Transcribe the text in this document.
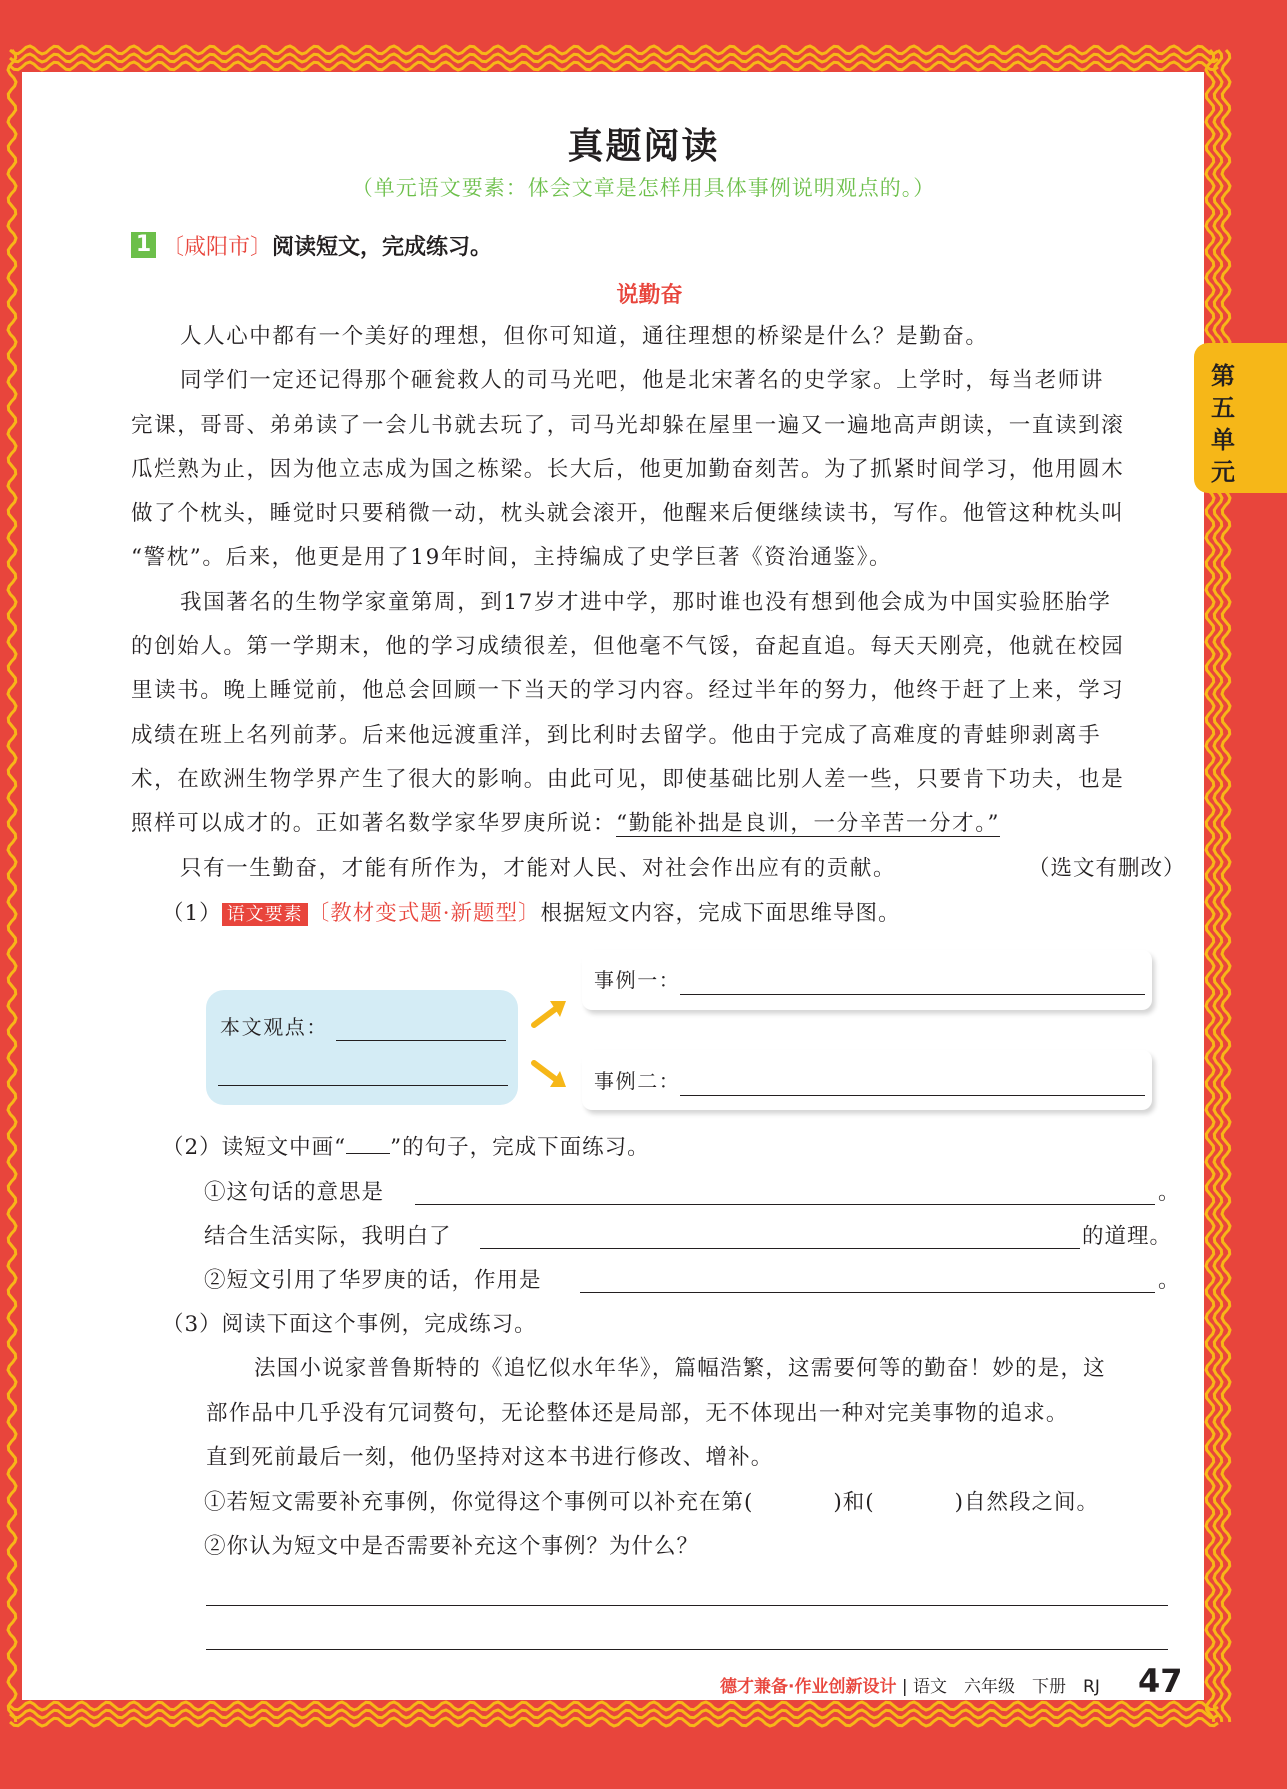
真题阅读
（单元语文要素：体会文章是怎样用具体事例说明观点的。）
第五单元
1 〔咸阳市〕阅读短文，完成练习。
说勤奋
人人心中都有一个美好的理想，但你可知道，通往理想的桥梁是什么？是勤奋。
同学们一定还记得那个砸瓮救人的司马光吧，他是北宋著名的史学家。上学时，每当老师讲
完课，哥哥、弟弟读了一会儿书就去玩了，司马光却躲在屋里一遍又一遍地高声朗读，一直读到滚
瓜烂熟为止，因为他立志成为国之栋梁。长大后，他更加勤奋刻苦。为了抓紧时间学习，他用圆木
做了个枕头，睡觉时只要稍微一动，枕头就会滚开，他醒来后便继续读书，写作。他管这种枕头叫
“警枕”。后来，他更是用了19年时间，主持编成了史学巨著《资治通鉴》。
我国著名的生物学家童第周，到17岁才进中学，那时谁也没有想到他会成为中国实验胚胎学
的创始人。第一学期末，他的学习成绩很差，但他毫不气馁，奋起直追。每天天刚亮，他就在校园
里读书。晚上睡觉前，他总会回顾一下当天的学习内容。经过半年的努力，他终于赶了上来，学习
成绩在班上名列前茅。后来他远渡重洋，到比利时去留学。他由于完成了高难度的青蛙卵剥离手
术，在欧洲生物学界产生了很大的影响。由此可见，即使基础比别人差一些，只要肯下功夫，也是
照样可以成才的。正如著名数学家华罗庚所说：“勤能补拙是良训，一分辛苦一分才。”
只有一生勤奋，才能有所作为，才能对人民、对社会作出应有的贡献。	（选文有删改）
（1） 语文要素 〔教材变式题·新题型〕根据短文内容，完成下面思维导图。
本文观点：
事例一：
事例二：
（2）读短文中画“ ”的句子，完成下面练习。
①这句话的意思是	。
结合生活实际，我明白了	的道理。
②短文引用了华罗庚的话，作用是	。
（3）阅读下面这个事例，完成练习。
法国小说家普鲁斯特的《追忆似水年华》，篇幅浩繁，这需要何等的勤奋！妙的是，这
部作品中几乎没有冗词赘句，无论整体还是局部，无不体现出一种对完美事物的追求。
直到死前最后一刻，他仍坚持对这本书进行修改、增补。
①若短文需要补充事例，你觉得这个事例可以补充在第(	)和(	)自然段之间。
②你认为短文中是否需要补充这个事例？为什么？
德才兼备·作业创新设计 | 语文　六年级　下册　RJ 47
